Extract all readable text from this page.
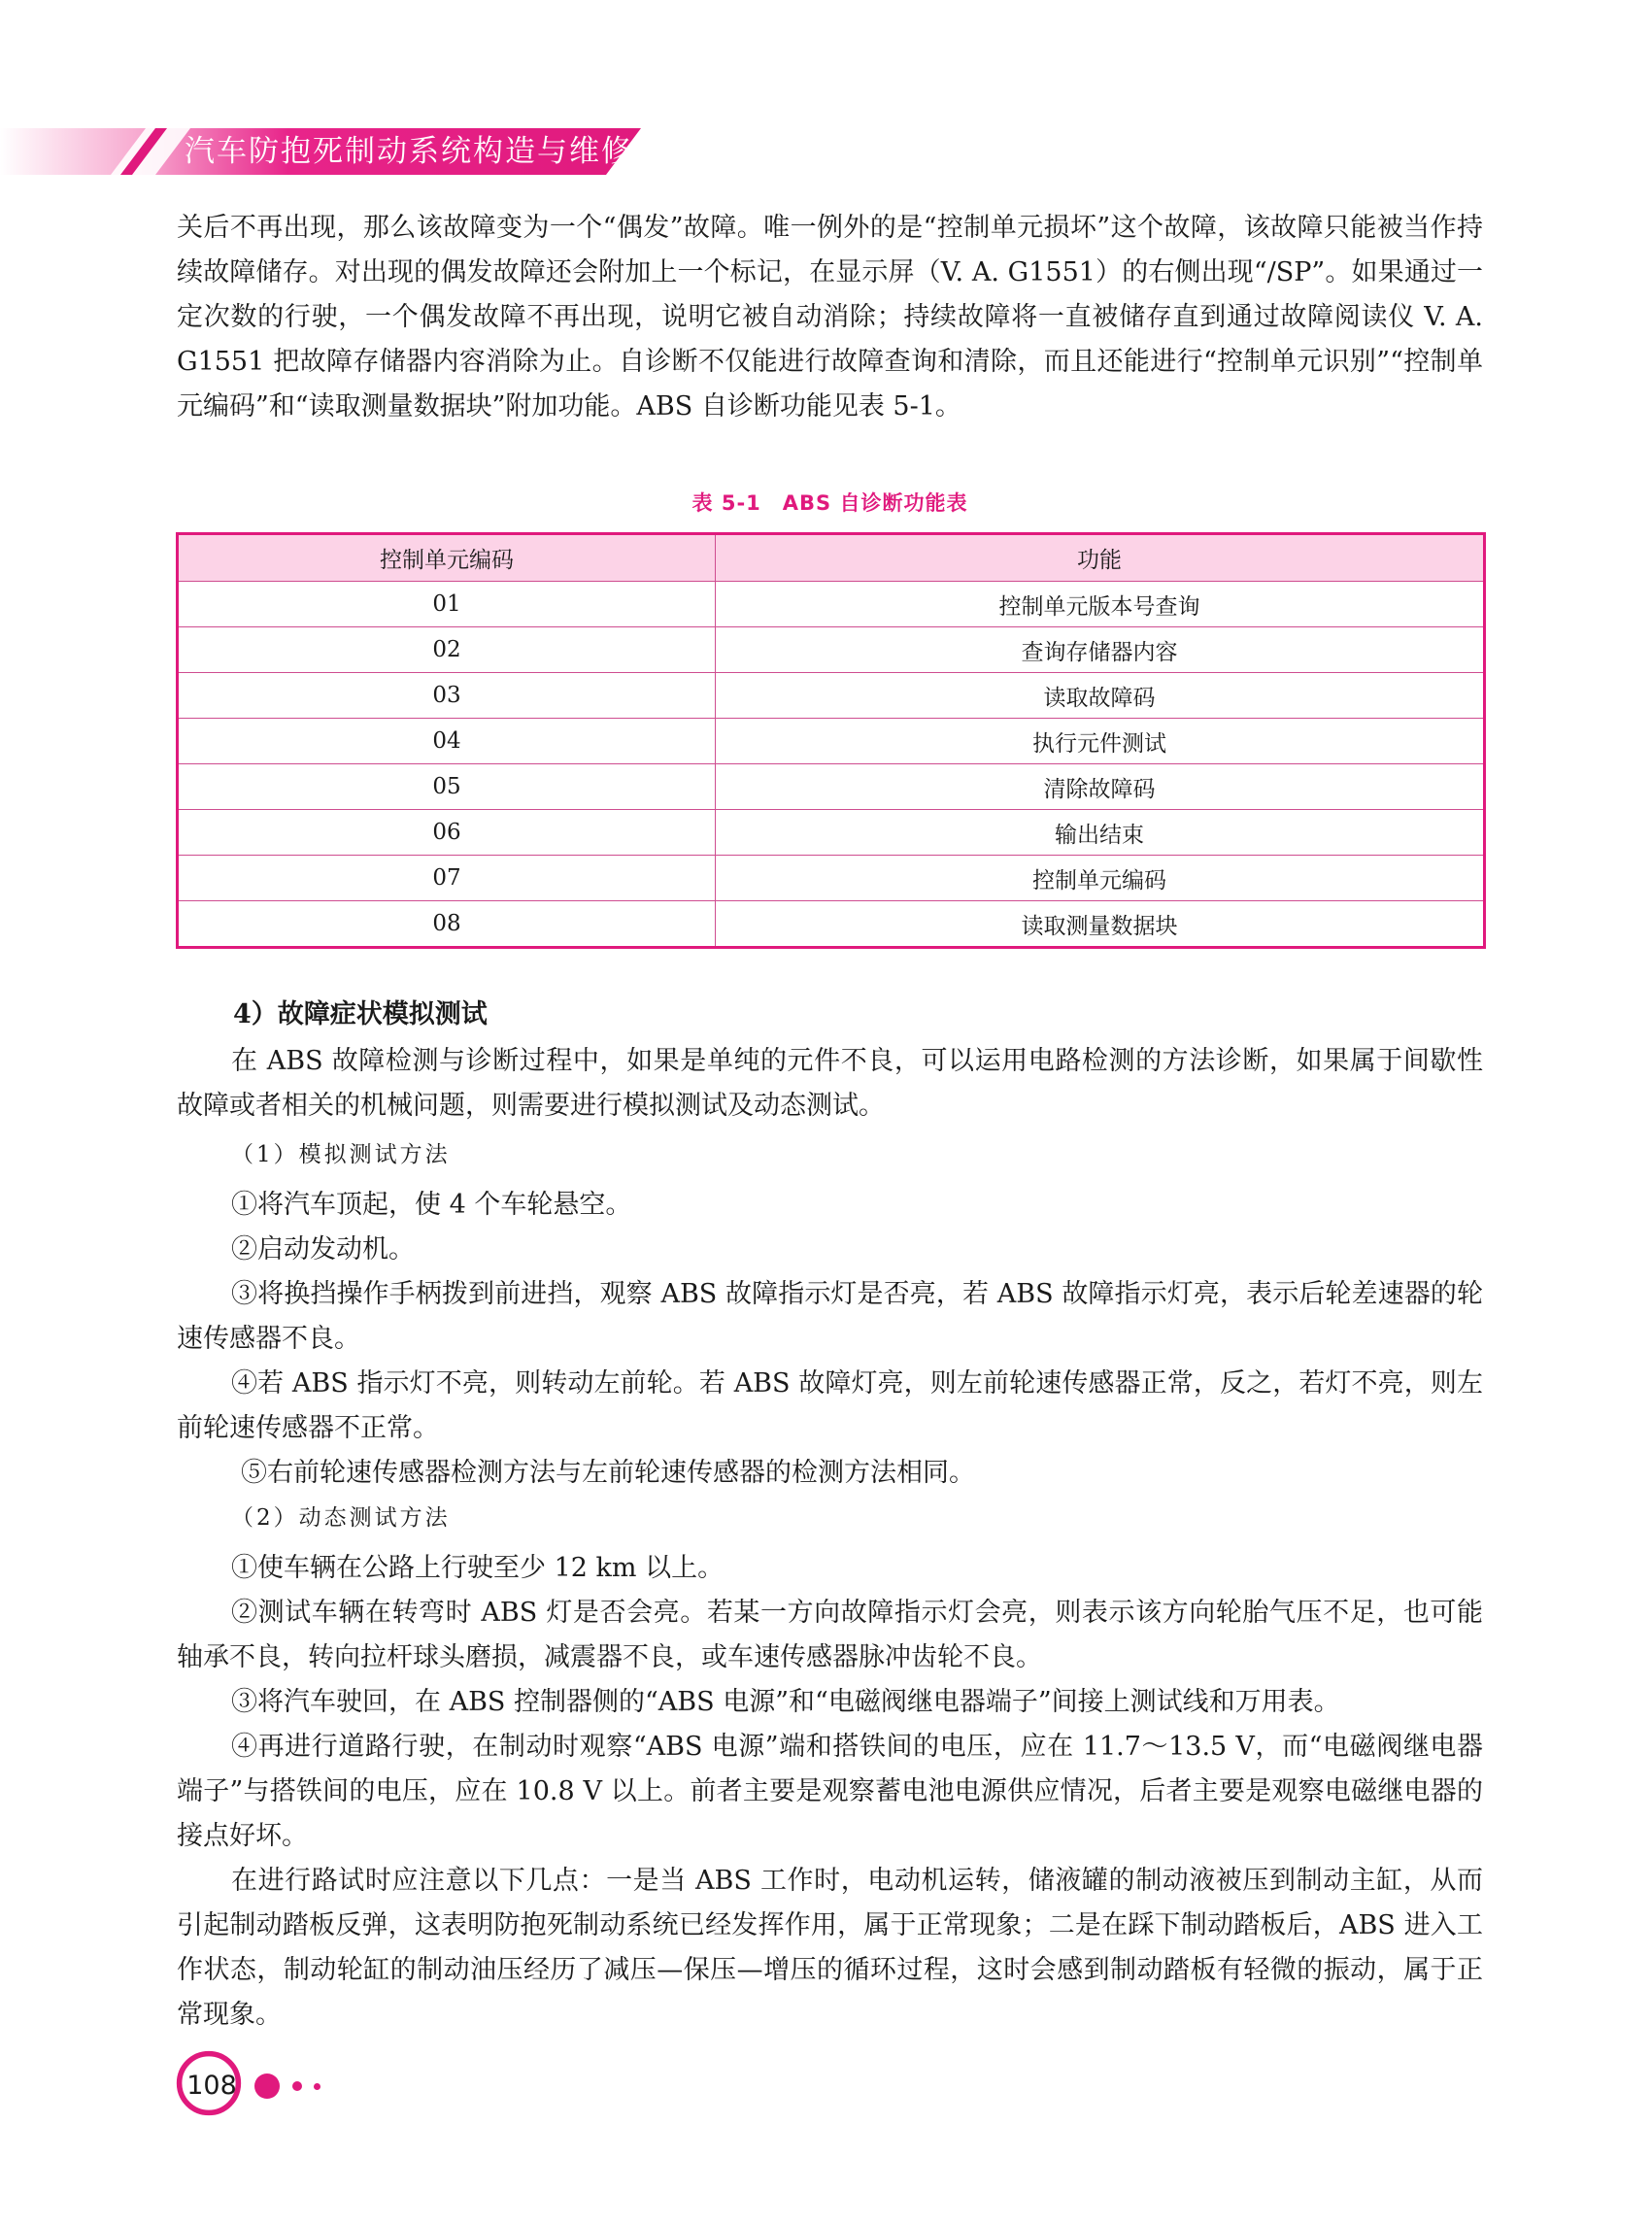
汽车防抱死制动系统构造与维修

关后不再出现，那么该故障变为一个“偶发”故障。唯一例外的是“控制单元损坏”这个故障，该故障只能被当作持续故障储存。对出现的偶发故障还会附加上一个标记，在显示屏（V. A. G1551）的右侧出现“/SP”。如果通过一定次数的行驶，一个偶发故障不再出现，说明它被自动消除；持续故障将一直被储存直到通过故障阅读仪 V. A. G1551 把故障存储器内容消除为止。自诊断不仅能进行故障查询和清除，而且还能进行“控制单元识别”“控制单元编码”和“读取测量数据块”附加功能。ABS 自诊断功能见表 5-1。

表 5-1　ABS 自诊断功能表
控制单元编码	功能
01	控制单元版本号查询
02	查询存储器内容
03	读取故障码
04	执行元件测试
05	清除故障码
06	输出结束
07	控制单元编码
08	读取测量数据块
4）故障症状模拟测试

在 ABS 故障检测与诊断过程中，如果是单纯的元件不良，可以运用电路检测的方法诊断，如果属于间歇性故障或者相关的机械问题，则需要进行模拟测试及动态测试。

（1）模拟测试方法

①将汽车顶起，使 4 个车轮悬空。

②启动发动机。

③将换挡操作手柄拨到前进挡，观察 ABS 故障指示灯是否亮，若 ABS 故障指示灯亮，表示后轮差速器的轮速传感器不良。

④若 ABS 指示灯不亮，则转动左前轮。若 ABS 故障灯亮，则左前轮速传感器正常，反之，若灯不亮，则左前轮速传感器不正常。

⑤右前轮速传感器检测方法与左前轮速传感器的检测方法相同。

（2）动态测试方法

①使车辆在公路上行驶至少 12 km 以上。

②测试车辆在转弯时 ABS 灯是否会亮。若某一方向故障指示灯会亮，则表示该方向轮胎气压不足，也可能轴承不良，转向拉杆球头磨损，减震器不良，或车速传感器脉冲齿轮不良。

③将汽车驶回，在 ABS 控制器侧的“ABS 电源”和“电磁阀继电器端子”间接上测试线和万用表。

④再进行道路行驶，在制动时观察“ABS 电源”端和搭铁间的电压，应在 11.7～13.5 V，而“电磁阀继电器端子”与搭铁间的电压，应在 10.8 V 以上。前者主要是观察蓄电池电源供应情况，后者主要是观察电磁继电器的接点好坏。

在进行路试时应注意以下几点：一是当 ABS 工作时，电动机运转，储液罐的制动液被压到制动主缸，从而引起制动踏板反弹，这表明防抱死制动系统已经发挥作用，属于正常现象；二是在踩下制动踏板后，ABS 进入工作状态，制动轮缸的制动油压经历了减压—保压—增压的循环过程，这时会感到制动踏板有轻微的振动，属于正常现象。

108
